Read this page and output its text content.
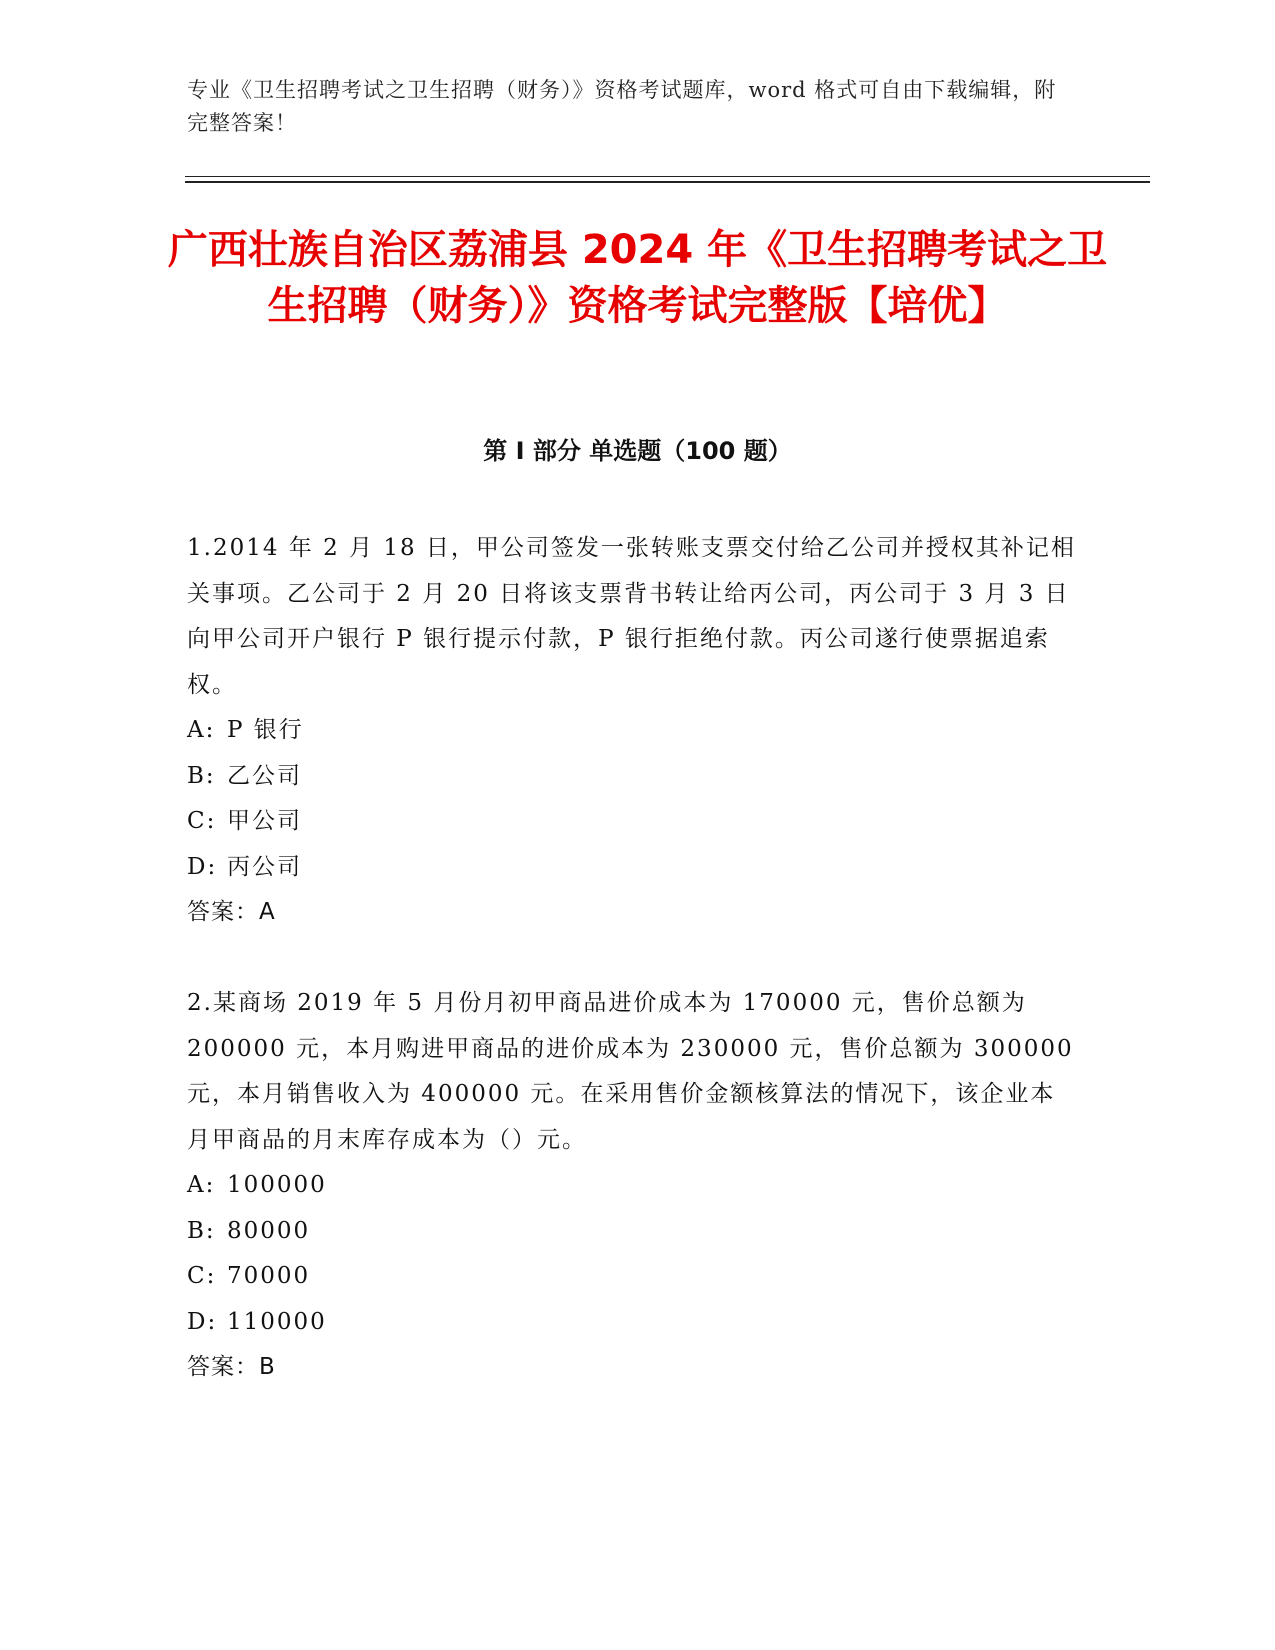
专业《卫生招聘考试之卫生招聘（财务）》资格考试题库，word 格式可自由下载编辑，附完整答案！
广西壮族自治区荔浦县 2024 年《卫生招聘考试之卫生招聘（财务）》资格考试完整版【培优】
第 I 部分 单选题（100 题）

1.2014 年 2 月 18 日，甲公司签发一张转账支票交付给乙公司并授权其补记相关事项。乙公司于 2 月 20 日将该支票背书转让给丙公司，丙公司于 3 月 3 日向甲公司开户银行 P 银行提示付款，P 银行拒绝付款。丙公司遂行使票据追索权。

A: P 银行
B: 乙公司
C: 甲公司
D: 丙公司

答案：A

2.某商场 2019 年 5 月份月初甲商品进价成本为 170000 元，售价总额为 200000 元，本月购进甲商品的进价成本为 230000 元，售价总额为 300000 元，本月销售收入为 400000 元。在采用售价金额核算法的情况下，该企业本月甲商品的月末库存成本为（）元。

A: 100000
B: 80000
C: 70000
D: 110000

答案：B
